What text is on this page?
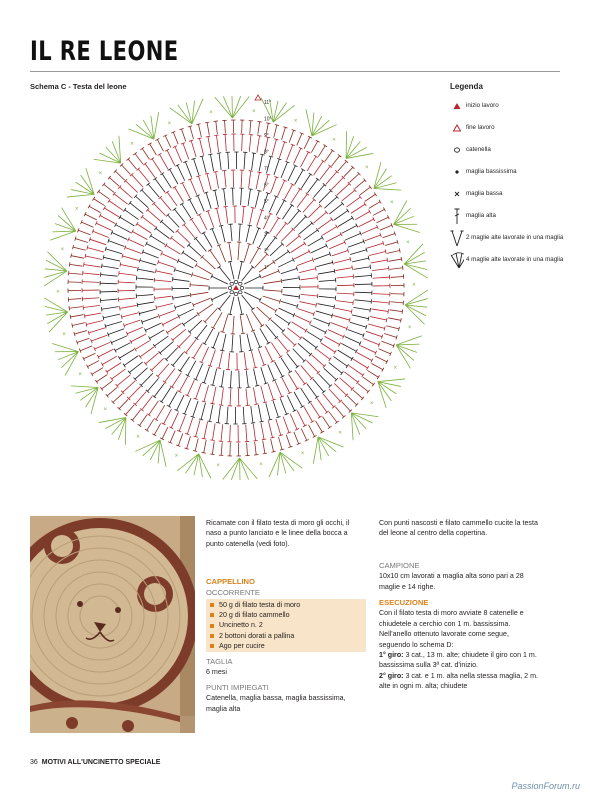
IL RE LEONE
Schema C - Testa del leone
×
×
×
×
×
×
×
×
×
×
×
×
×
×
×
×
×
×
×	×
×
×
×
×
×
×
11°
10°
9°
8°
7°
6°
5°
4°
3°
2°
1°
Legenda
inizio lavoro
fine lavoro
catenella
maglia bassissima
maglia bassa
maglia alta
2 maglie alte lavorate in una maglia
4 maglie alte lavorate in una maglia

Ricamate con il filato testa di moro gli occhi, il naso a punto lanciato e le linee della bocca a punto catenella (vedi foto).

CAPPELLINO
OCCORRENTE
50 g di filato testa di moro
20 g di filato cammello
Uncinetto n. 2
2 bottoni dorati a pallina
Ago per cucire
TAGLIA

6 mesi

PUNTI IMPIEGATI

Catenella, maglia bassa, maglia bassissima, maglia alta

Con punti nascosti e filato cammello cucite la testa del leone al centro della copertina.

CAMPIONE

10x10 cm lavorati a maglia alta sono pari a 28 maglie e 14 righe.

ESECUZIONE

Con il filato testa di moro avviate 8 catenelle e chiudetele a cerchio con 1 m. bassissima.

Nell'anello ottenuto lavorate come segue, seguendo lo schema D:

1° giro: 3 cat., 13 m. alte; chiudete il giro con 1 m. bassissima sulla 3ª cat. d'inizio.

2° giro: 3 cat. e 1 m. alta nella stessa maglia, 2 m. alte in ogni m. alta; chiudete

36 MOTIVI ALL'UNCINETTO SPECIALE
PassionForum.ru
